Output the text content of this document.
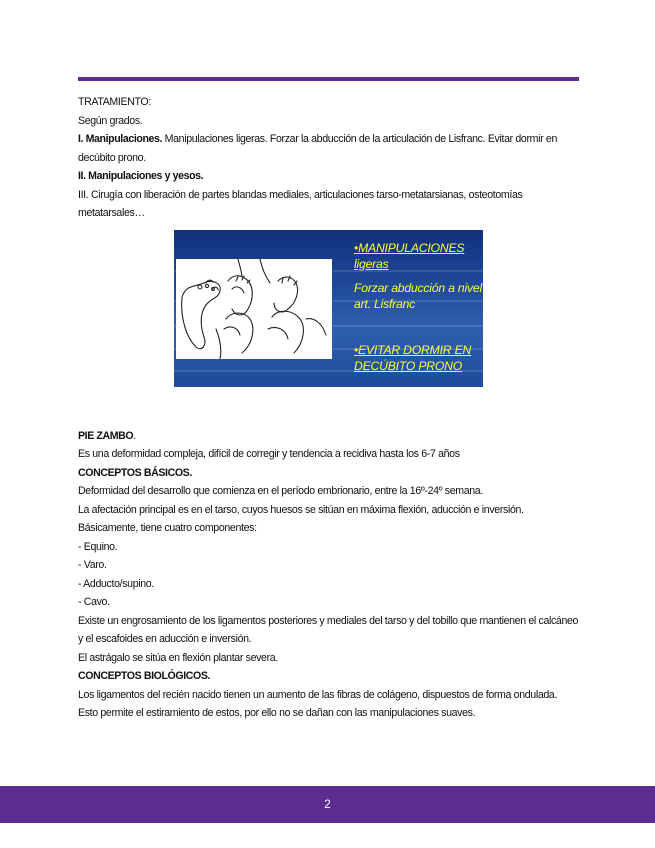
TRATAMIENTO:

Según grados.

I. Manipulaciones. Manipulaciones ligeras. Forzar la abducción de la articulación de Lisfranc. Evitar dormir en decúbito prono.

II. Manipulaciones y yesos.

III. Cirugía con liberación de partes blandas mediales, articulaciones tarso-metatarsianas, osteotomías metatarsales…

•MANIPULACIONES ligeras

Forzar abducción a nivel art. Lisfranc

•EVITAR DORMIR EN DECÚBITO PRONO

PIE ZAMBO.

Es una deformidad compleja, difícil de corregir y tendencia a recidiva hasta los 6-7 años

CONCEPTOS BÁSICOS.

Deformidad del desarrollo que comienza en el período embrionario, entre la 16º-24º semana.

La afectación principal es en el tarso, cuyos huesos se sitúan en máxima flexión, aducción e inversión.

Básicamente, tiene cuatro componentes:

- Equino.

- Varo.

- Adducto/supino.

- Cavo.

Existe un engrosamiento de los ligamentos posteriores y mediales del tarso y del tobillo que mantienen el calcáneo y el escafoides en aducción e inversión.

El astrágalo se sitúa en flexión plantar severa.

CONCEPTOS BIOLÓGICOS.

Los ligamentos del recién nacido tienen un aumento de las fibras de colágeno, dispuestos de forma ondulada.

Esto permite el estiramiento de estos, por ello no se dañan con las manipulaciones suaves.

2
